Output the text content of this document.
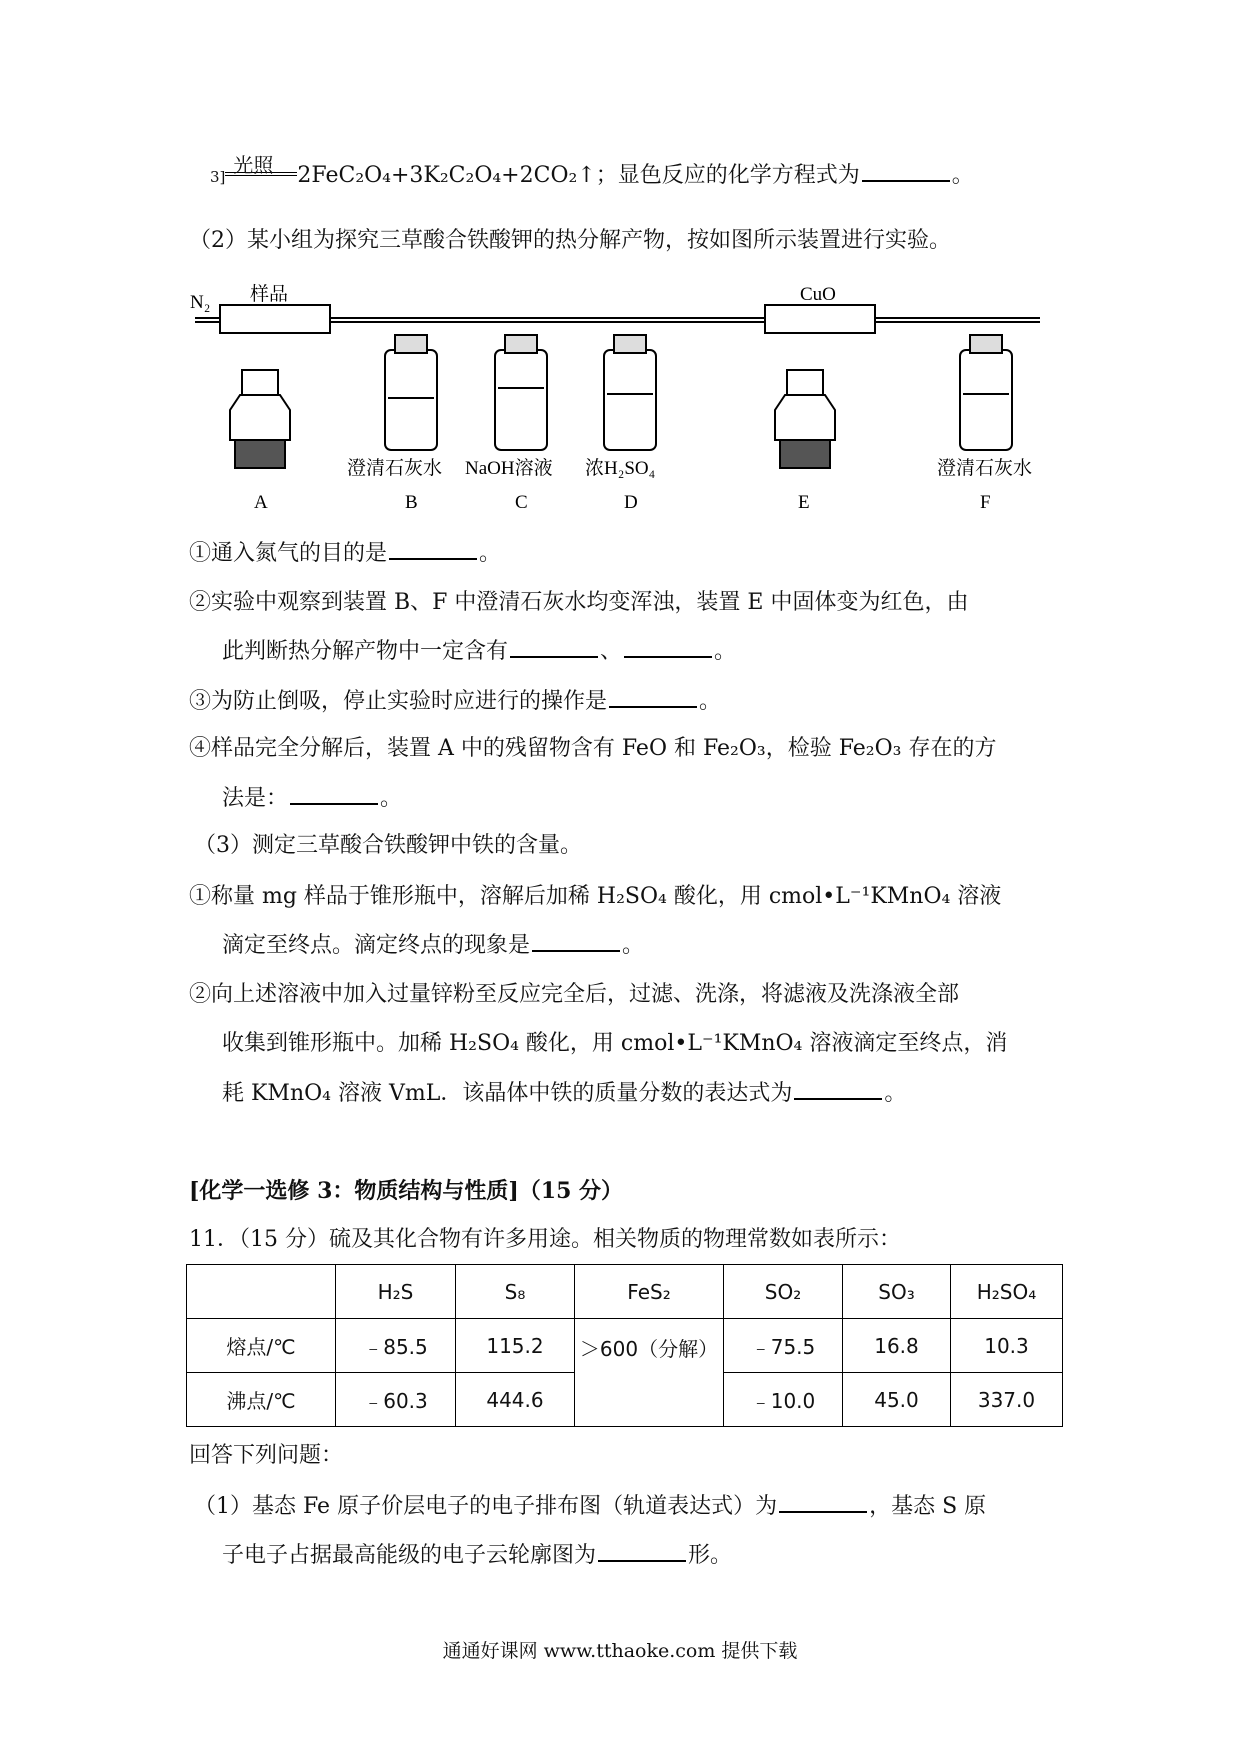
3] 光照 2FeC₂O₄+3K₂C₂O₄+2CO₂↑；显色反应的化学方程式为	。
（2）某小组为探究三草酸合铁酸钾的热分解产物，按如图所示装置进行实验。
N₂ 样品	CuO
澄清石灰水 NaOH溶液 浓H₂SO₄	澄清石灰水
A	B	C	D	E	F
①通入氮气的目的是	。
②实验中观察到装置 B、F 中澄清石灰水均变浑浊，装置 E 中固体变为红色，由
此判断热分解产物中一定含有	、	。
③为防止倒吸，停止实验时应进行的操作是	。
④样品完全分解后，装置 A 中的残留物含有 FeO 和 Fe₂O₃，检验 Fe₂O₃ 存在的方
法是：	。
（3）测定三草酸合铁酸钾中铁的含量。
①称量 mg 样品于锥形瓶中，溶解后加稀 H₂SO₄ 酸化，用 cmol•L⁻¹KMnO₄ 溶液
滴定至终点。滴定终点的现象是	。
②向上述溶液中加入过量锌粉至反应完全后，过滤、洗涤，将滤液及洗涤液全部
收集到锥形瓶中。加稀 H₂SO₄ 酸化，用 cmol•L⁻¹KMnO₄ 溶液滴定至终点，消
耗 KMnO₄ 溶液 VmL．该晶体中铁的质量分数的表达式为	。
[化学一选修 3：物质结构与性质]（15 分）
11．（15 分）硫及其化合物有许多用途。相关物质的物理常数如表所示：
	H₂S	S₈	FeS₂	SO₂	SO₃	H₂SO₄
熔点/℃	﹣85.5	115.2	＞600（分解）	﹣75.5	16.8	10.3
沸点/℃	﹣60.3	444.6		﹣10.0	45.0	337.0
回答下列问题：
（1）基态 Fe 原子价层电子的电子排布图（轨道表达式）为	，基态 S 原
子电子占据最高能级的电子云轮廓图为	形。
通通好课网 www.tthaoke.com 提供下载
